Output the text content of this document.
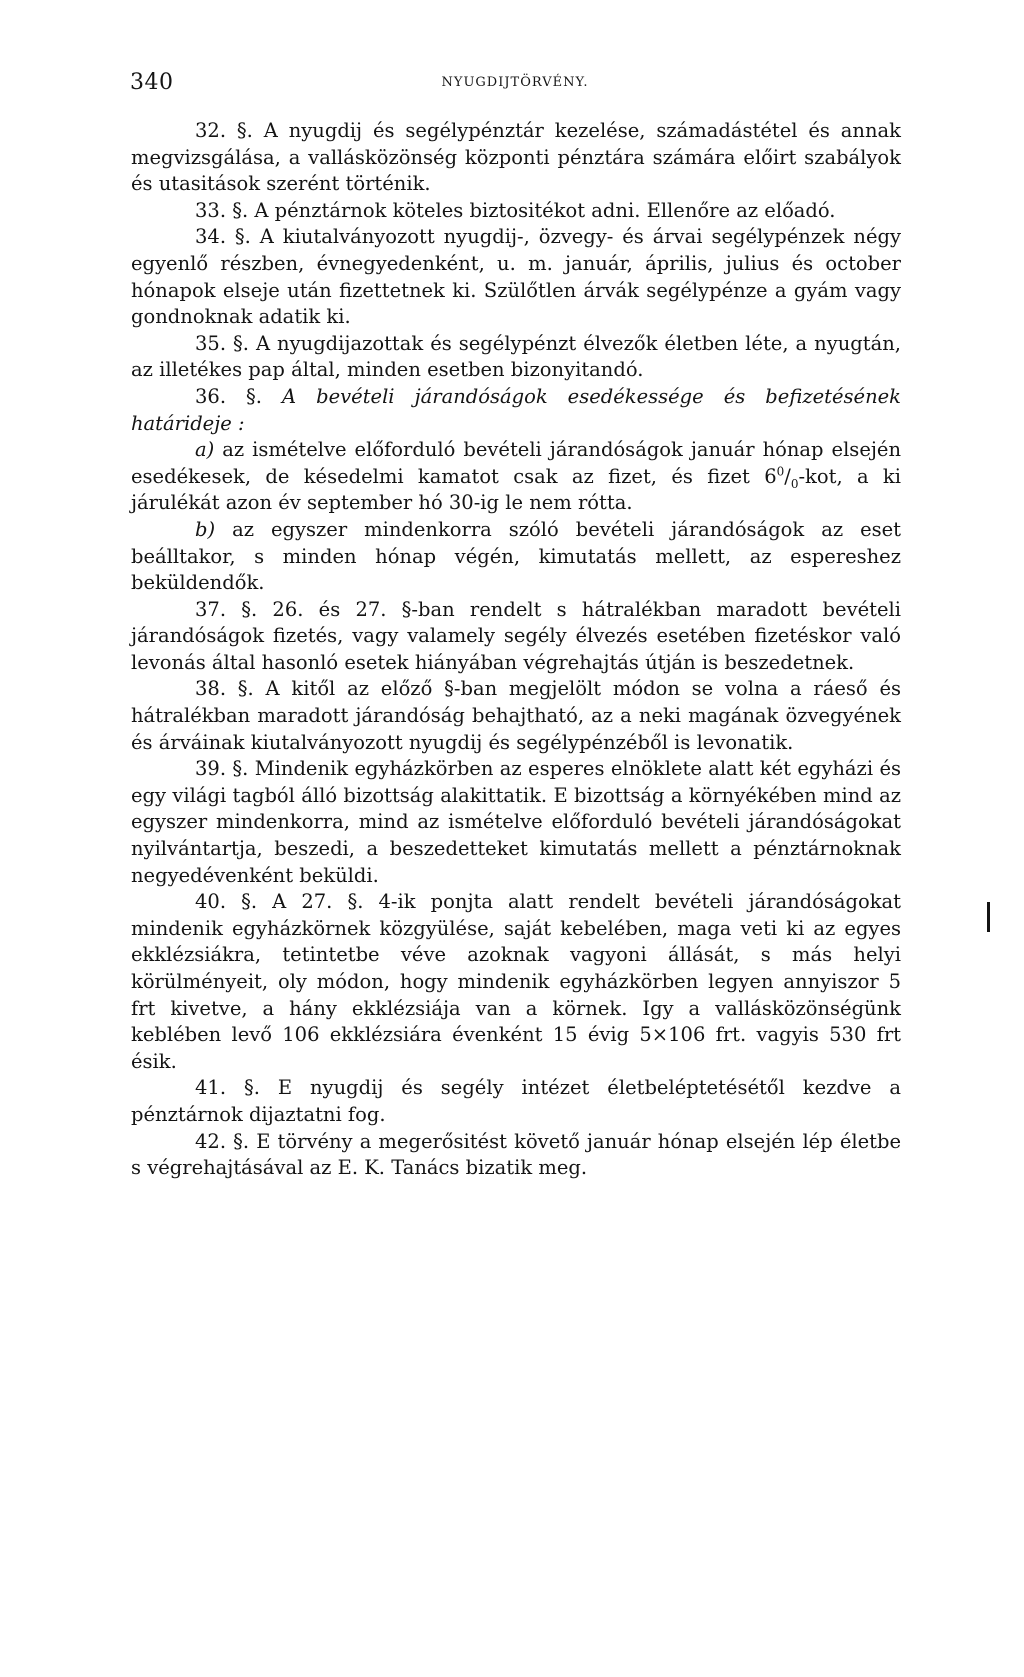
340	NYUGDIJTÖRVÉNY.

32. §. A nyugdij és segélypénztár kezelése, számadástétel és annak megvizsgálása, a vallásközönség központi pénztára számára előirt szabályok és utasitások szerént történik.

33. §. A pénztárnok köteles biztositékot adni. Ellenőre az előadó.

34. §. A kiutalványozott nyugdij-, özvegy- és árvai segélypénzek négy egyenlő részben, évnegyedenként, u. m. január, április, julius és october hónapok elseje után fizettetnek ki. Szülőtlen árvák segélypénze a gyám vagy gondnoknak adatik ki.

35. §. A nyugdijazottak és segélypénzt élvezők életben léte, a nyugtán, az illetékes pap által, minden esetben bizonyitandó.

36. §. A bevételi járandóságok esedékessége és befizetésének határideje :

a) az ismételve előforduló bevételi járandóságok január hónap elsején esedékesek, de késedelmi kamatot csak az fizet, és fizet $6^0/_0$-kot, a ki járulékát azon év september hó 30-ig le nem rótta.

b) az egyszer mindenkorra szóló bevételi járandóságok az eset beálltakor, s minden hónap végén, kimutatás mellett, az espereshez beküldendők.

37. §. 26. és 27. §-ban rendelt s hátralékban maradott bevételi járandóságok fizetés, vagy valamely segély élvezés esetében fizetéskor való levonás által hasonló esetek hiányában végrehajtás útján is beszedetnek.

38. §. A kitől az előző §-ban megjelölt módon se volna a ráeső és hátralékban maradott járandóság behajtható, az a neki magának özvegyének és árváinak kiutalványozott nyugdij és segélypénzéből is levonatik.

39. §. Mindenik egyházkörben az esperes elnöklete alatt két egyházi és egy világi tagból álló bizottság alakittatik. E bizottság a környékében mind az egyszer mindenkorra, mind az ismételve előforduló bevételi járandóságokat nyilvántartja, beszedi, a beszedetteket kimutatás mellett a pénztárnoknak negyedévenként beküldi.

40. §. A 27. §. 4-ik ponjta alatt rendelt bevételi járandóságokat mindenik egyházkörnek közgyülése, saját kebelében, maga veti ki az egyes ekklézsiákra, tetintetbe véve azoknak vagyoni állását, s más helyi körülményeit, oly módon, hogy mindenik egyházkörben legyen annyiszor 5 frt kivetve, a hány ekklézsiája van a körnek. Igy a vallásközönségünk keblében levő 106 ekklézsiára évenként 15 évig 5×106 frt. vagyis 530 frt ésik.

41. §. E nyugdij és segély intézet életbeléptetésétől kezdve a pénztárnok dijaztatni fog.

42. §. E törvény a megerősitést követő január hónap elsején lép életbe s végrehajtásával az E. K. Tanács bizatik meg.
